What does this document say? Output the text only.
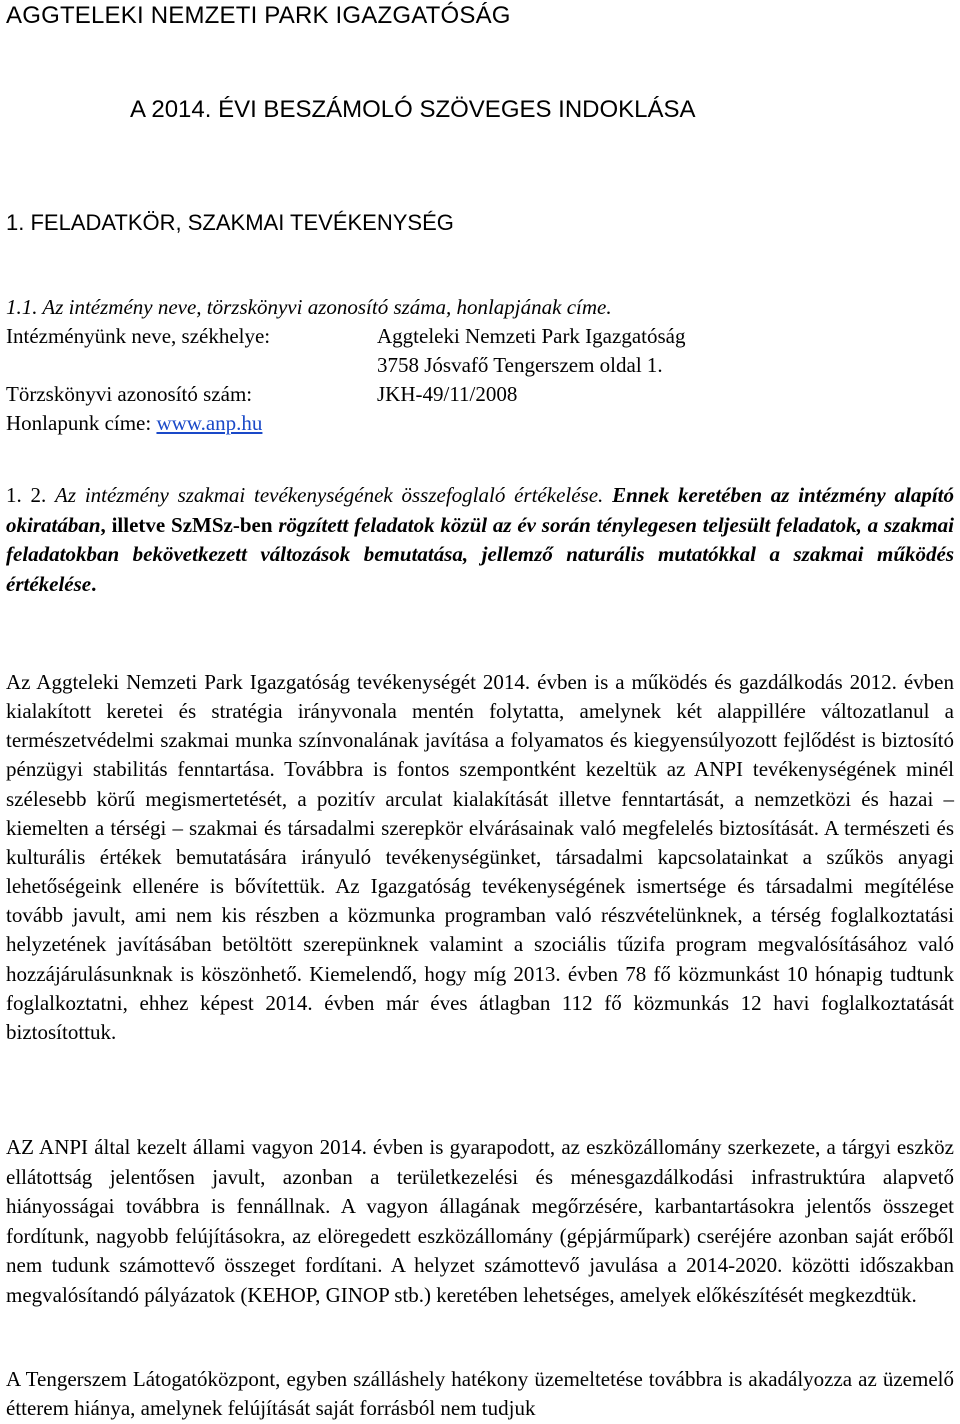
AGGTELEKI NEMZETI PARK IGAZGATÓSÁG
A 2014. ÉVI BESZÁMOLÓ SZÖVEGES INDOKLÁSA
1. FELADATKÖR, SZAKMAI TEVÉKENYSÉG
1.1. Az intézmény neve, törzskönyvi azonosító száma, honlapjának címe.
Intézményünk neve, székhelye:	Aggteleki Nemzeti Park Igazgatóság
3758 Jósvafő Tengerszem oldal 1.
Törzskönyvi azonosító szám:	JKH-49/11/2008
Honlapunk címe: www.anp.hu
1. 2. Az intézmény szakmai tevékenységének összefoglaló értékelése. Ennek keretében az intézmény alapító okiratában, illetve SzMSz-ben rögzített feladatok közül az év során ténylegesen teljesült feladatok, a szakmai feladatokban bekövetkezett változások bemutatása, jellemző naturális mutatókkal a szakmai működés értékelése.
Az Aggteleki Nemzeti Park Igazgatóság tevékenységét 2014. évben is a működés és gazdálkodás 2012. évben kialakított keretei és stratégia irányvonala mentén folytatta, amelynek két alappillére változatlanul a természetvédelmi szakmai munka színvonalának javítása a folyamatos és kiegyensúlyozott fejlődést is biztosító pénzügyi stabilitás fenntartása. Továbbra is fontos szempontként kezeltük az ANPI tevékenységének minél szélesebb körű megismertetését, a pozitív arculat kialakítását illetve fenntartását, a nemzetközi és hazai – kiemelten a térségi – szakmai és társadalmi szerepkör elvárásainak való megfelelés biztosítását. A természeti és kulturális értékek bemutatására irányuló tevékenységünket, társadalmi kapcsolatainkat a szűkös anyagi lehetőségeink ellenére is bővítettük. Az Igazgatóság tevékenységének ismertsége és társadalmi megítélése tovább javult, ami nem kis részben a közmunka programban való részvételünknek, a térség foglalkoztatási helyzetének javításában betöltött szerepünknek valamint a szociális tűzifa program megvalósításához való hozzájárulásunknak is köszönhető. Kiemelendő, hogy míg 2013. évben 78 fő közmunkást 10 hónapig tudtunk foglalkoztatni, ehhez képest 2014. évben már éves átlagban 112 fő közmunkás 12 havi foglalkoztatását biztosítottuk.
AZ ANPI által kezelt állami vagyon 2014. évben is gyarapodott, az eszközállomány szerkezete, a tárgyi eszköz ellátottság jelentősen javult, azonban a területkezelési és ménesgazdálkodási infrastruktúra alapvető hiányosságai továbbra is fennállnak. A vagyon állagának megőrzésére, karbantartásokra jelentős összeget fordítunk, nagyobb felújításokra, az elöregedett eszközállomány (gépjárműpark) cseréjére azonban saját erőből nem tudunk számottevő összeget fordítani. A helyzet számottevő javulása a 2014-2020. közötti időszakban megvalósítandó pályázatok (KEHOP, GINOP stb.) keretében lehetséges, amelyek előkészítését megkezdtük.
A Tengerszem Látogatóközpont, egyben szálláshely hatékony üzemeltetése továbbra is akadályozza az üzemelő étterem hiánya, amelynek felújítását saját forrásból nem tudjuk
